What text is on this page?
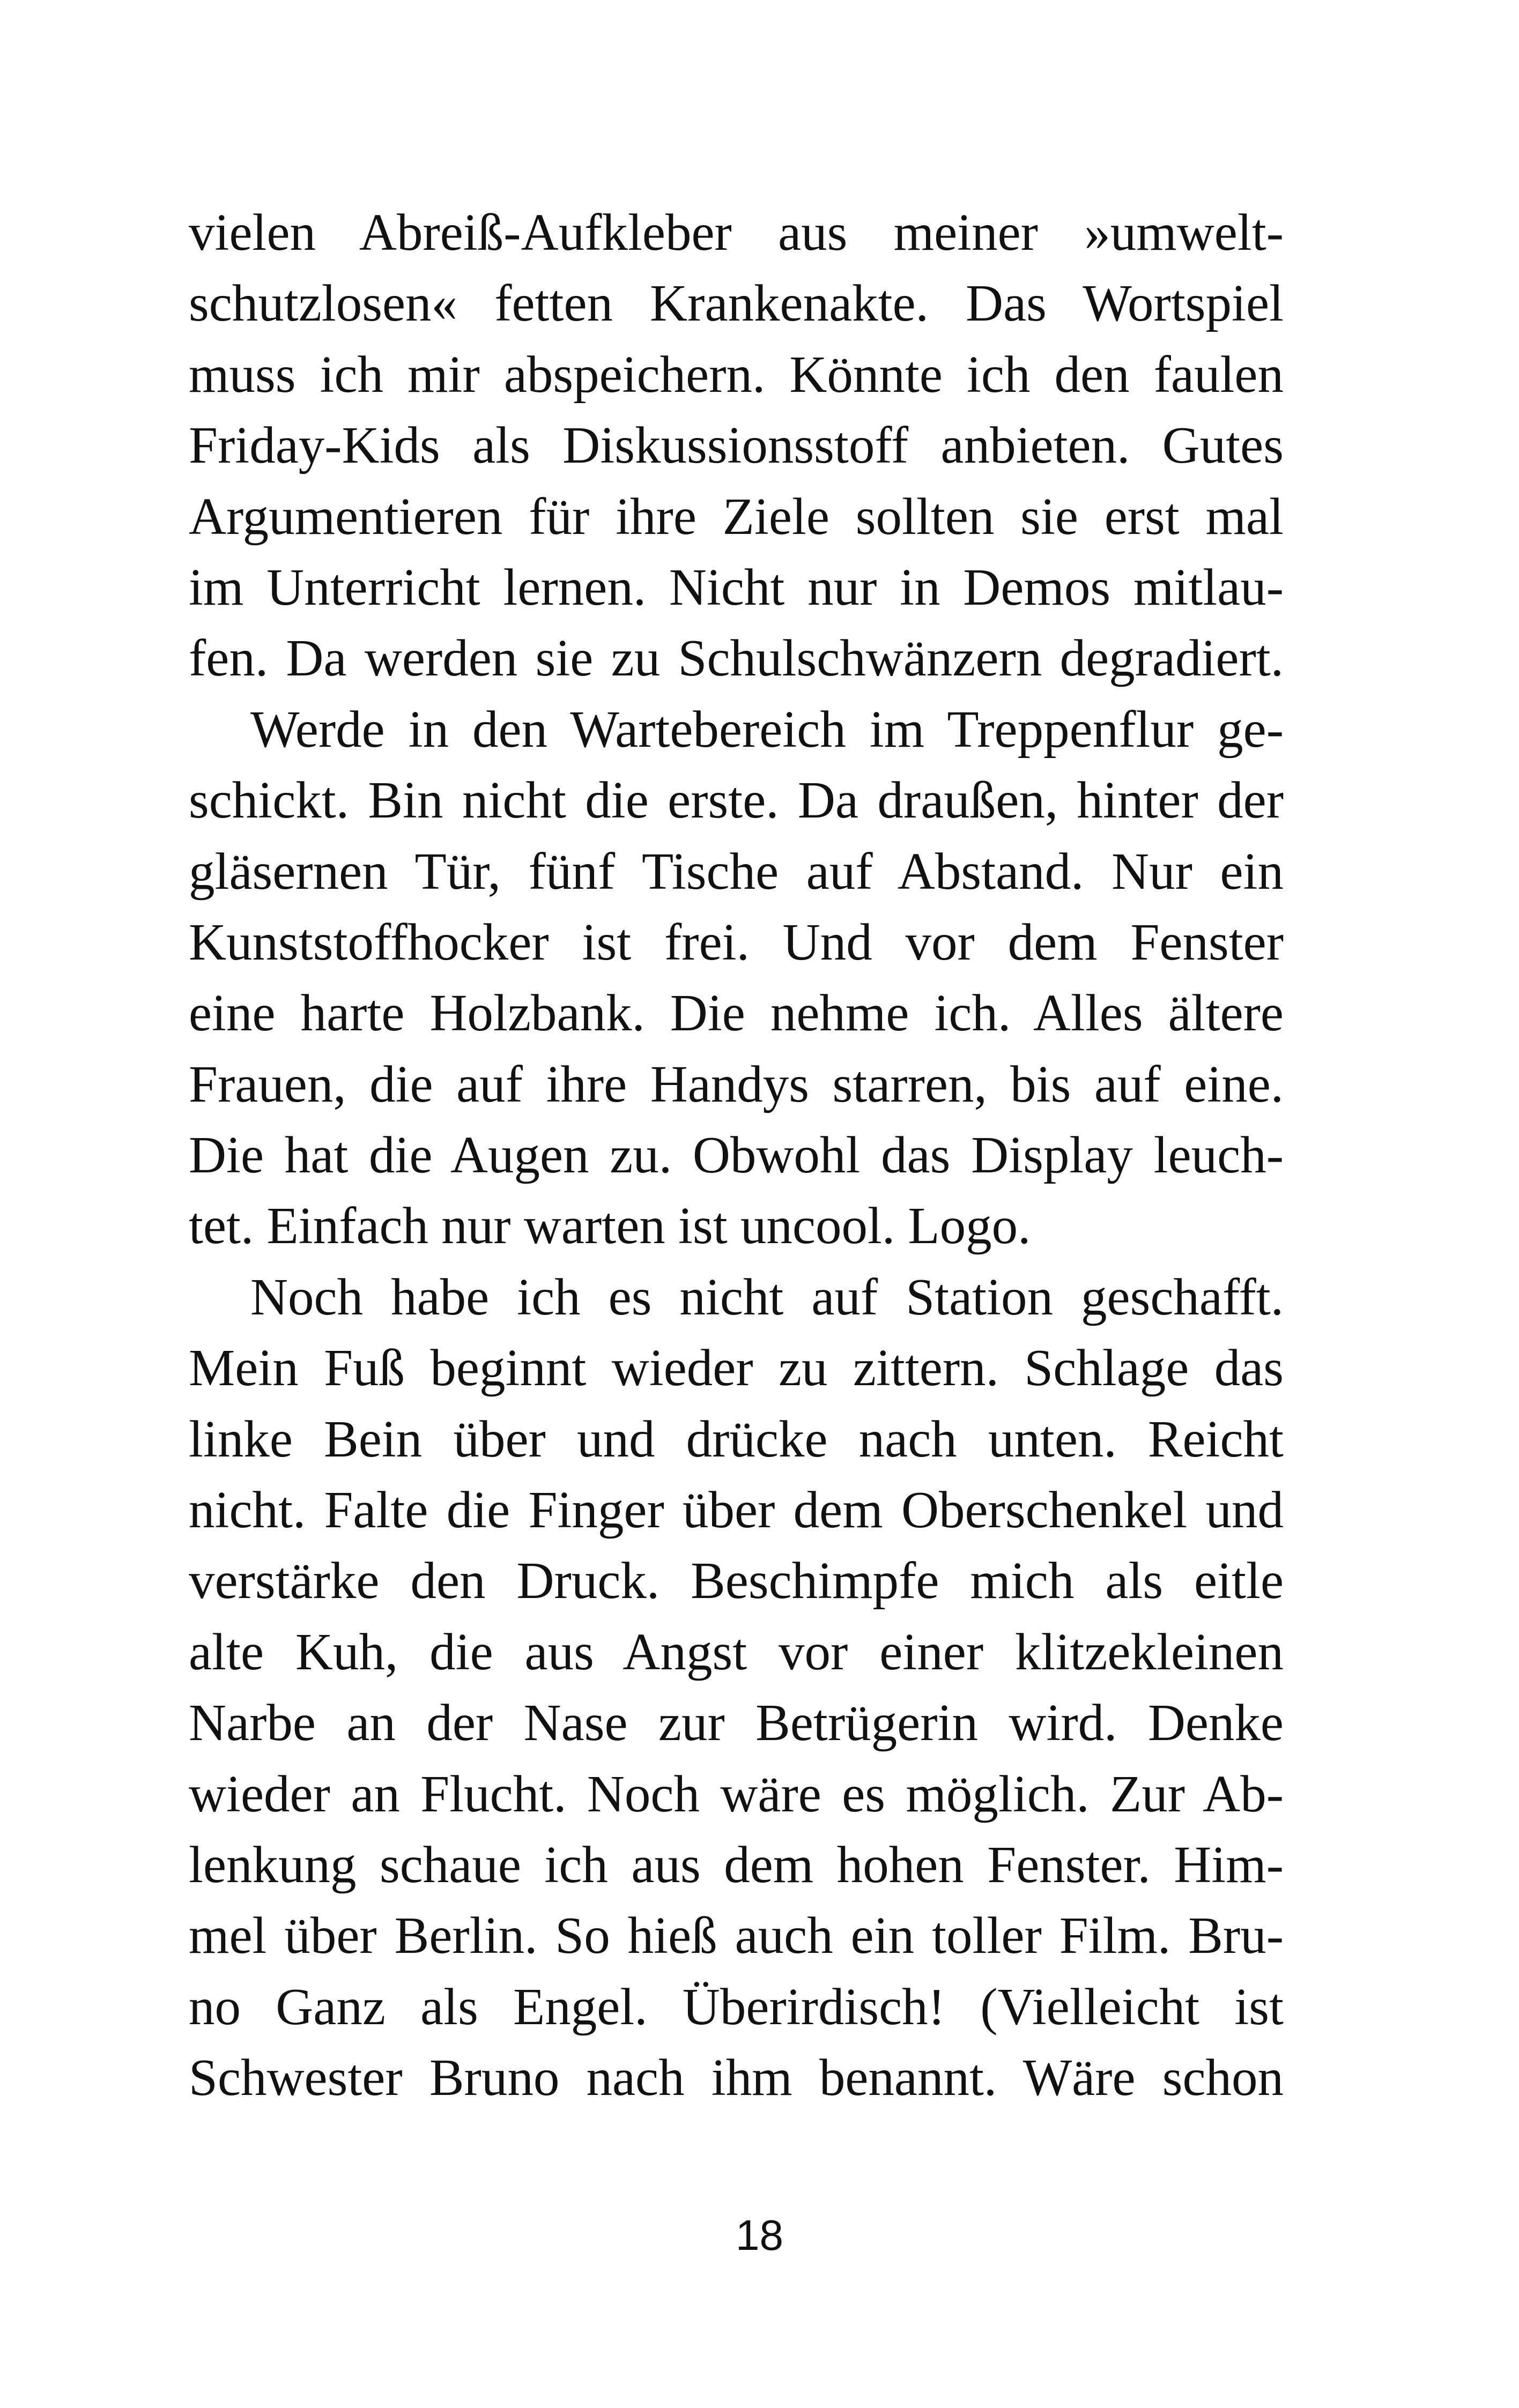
vielen Abreiß-Aufkleber aus meiner »umwelt-
schutzlosen« fetten Krankenakte. Das Wortspiel
muss ich mir abspeichern. Könnte ich den faulen
Friday-Kids als Diskussionsstoff anbieten. Gutes
Argumentieren für ihre Ziele sollten sie erst mal
im Unterricht lernen. Nicht nur in Demos mitlau-
fen. Da werden sie zu Schulschwänzern degradiert.
Werde in den Wartebereich im Treppenflur ge-
schickt. Bin nicht die erste. Da draußen, hinter der
gläsernen Tür, fünf Tische auf Abstand. Nur ein
Kunststoffhocker ist frei. Und vor dem Fenster
eine harte Holzbank. Die nehme ich. Alles ältere
Frauen, die auf ihre Handys starren, bis auf eine.
Die hat die Augen zu. Obwohl das Display leuch-
tet. Einfach nur warten ist uncool. Logo.
Noch habe ich es nicht auf Station geschafft.
Mein Fuß beginnt wieder zu zittern. Schlage das
linke Bein über und drücke nach unten. Reicht
nicht. Falte die Finger über dem Oberschenkel und
verstärke den Druck. Beschimpfe mich als eitle
alte Kuh, die aus Angst vor einer klitzekleinen
Narbe an der Nase zur Betrügerin wird. Denke
wieder an Flucht. Noch wäre es möglich. Zur Ab-
lenkung schaue ich aus dem hohen Fenster. Him-
mel über Berlin. So hieß auch ein toller Film. Bru-
no Ganz als Engel. Überirdisch! (Vielleicht ist
Schwester Bruno nach ihm benannt. Wäre schon
18
